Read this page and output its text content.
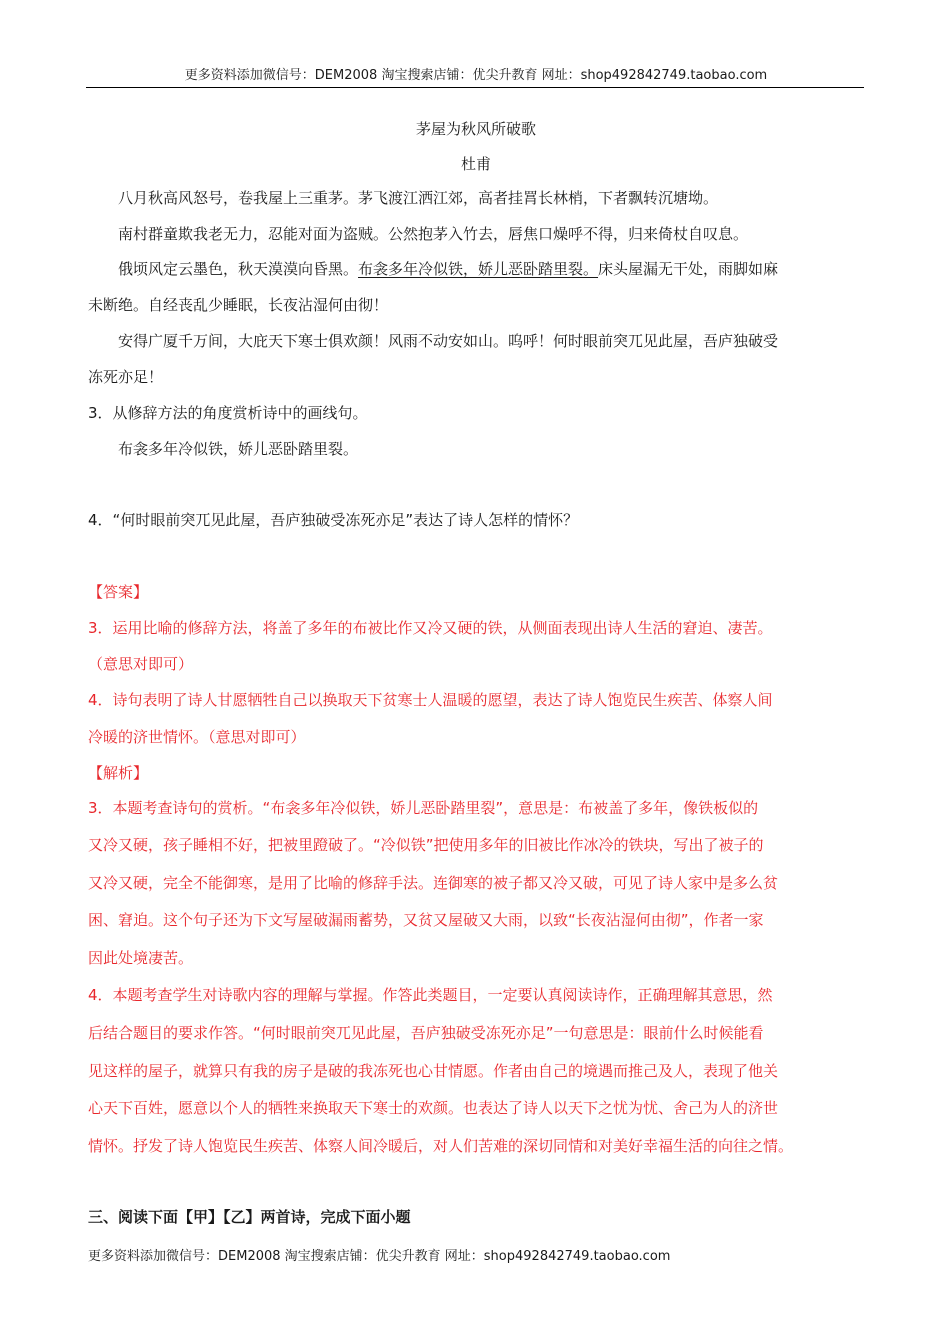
更多资料添加微信号：DEM2008 淘宝搜索店铺：优尖升教育 网址：shop492842749.taobao.com
茅屋为秋风所破歌
杜甫
八月秋高风怒号，卷我屋上三重茅。茅飞渡江洒江郊，高者挂罥长林梢，下者飘转沉塘坳。
南村群童欺我老无力，忍能对面为盗贼。公然抱茅入竹去，唇焦口燥呼不得，归来倚杖自叹息。
俄顷风定云墨色，秋天漠漠向昏黑。布衾多年冷似铁，娇儿恶卧踏里裂。床头屋漏无干处，雨脚如麻
未断绝。自经丧乱少睡眠，长夜沾湿何由彻！
安得广厦千万间，大庇天下寒士俱欢颜！风雨不动安如山。呜呼！何时眼前突兀见此屋，吾庐独破受
冻死亦足！
3．从修辞方法的角度赏析诗中的画线句。
布衾多年冷似铁，娇儿恶卧踏里裂。
4．“何时眼前突兀见此屋，吾庐独破受冻死亦足”表达了诗人怎样的情怀？
【答案】
3．运用比喻的修辞方法，将盖了多年的布被比作又冷又硬的铁，从侧面表现出诗人生活的窘迫、凄苦。
（意思对即可）
4．诗句表明了诗人甘愿牺牲自己以换取天下贫寒士人温暖的愿望，表达了诗人饱览民生疾苦、体察人间
冷暖的济世情怀。（意思对即可）
【解析】
3．本题考查诗句的赏析。“布衾多年冷似铁，娇儿恶卧踏里裂”，意思是：布被盖了多年，像铁板似的
又冷又硬，孩子睡相不好，把被里蹬破了。“冷似铁”把使用多年的旧被比作冰冷的铁块，写出了被子的
又冷又硬，完全不能御寒，是用了比喻的修辞手法。连御寒的被子都又冷又破，可见了诗人家中是多么贫
困、窘迫。这个句子还为下文写屋破漏雨蓄势，又贫又屋破又大雨，以致“长夜沾湿何由彻”，作者一家
因此处境凄苦。
4．本题考查学生对诗歌内容的理解与掌握。作答此类题目，一定要认真阅读诗作，正确理解其意思，然
后结合题目的要求作答。“何时眼前突兀见此屋，吾庐独破受冻死亦足”一句意思是：眼前什么时候能看
见这样的屋子，就算只有我的房子是破的我冻死也心甘情愿。作者由自己的境遇而推己及人，表现了他关
心天下百姓，愿意以个人的牺牲来换取天下寒士的欢颜。也表达了诗人以天下之忧为忧、舍己为人的济世
情怀。抒发了诗人饱览民生疾苦、体察人间冷暖后，对人们苦难的深切同情和对美好幸福生活的向往之情。
三、阅读下面【甲】【乙】两首诗，完成下面小题
更多资料添加微信号：DEM2008 淘宝搜索店铺：优尖升教育 网址：shop492842749.taobao.com
